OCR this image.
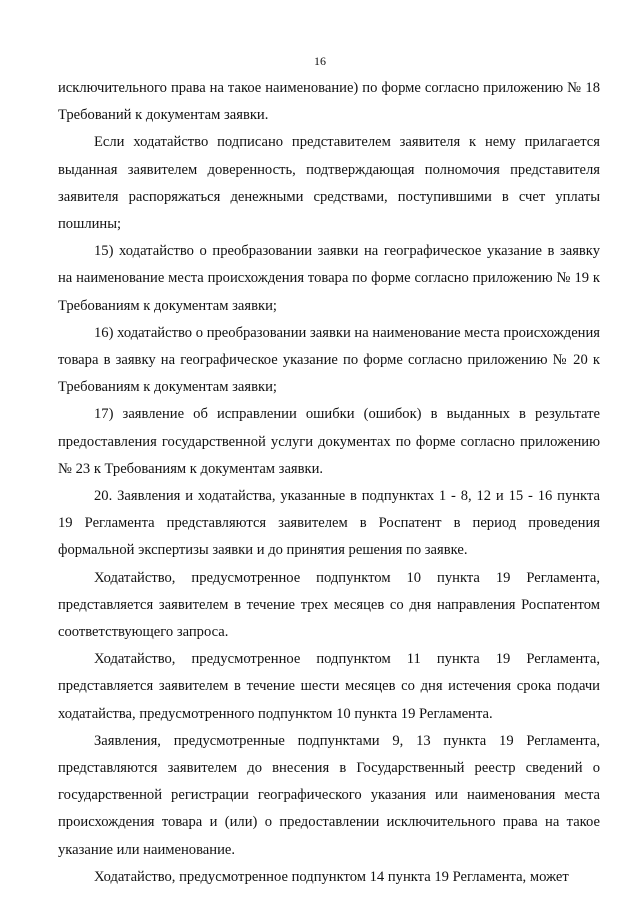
16

исключительного права на такое наименование) по форме согласно приложению № 18 Требований к документам заявки.

Если ходатайство подписано представителем заявителя к нему прилагается выданная заявителем доверенность, подтверждающая полномочия представителя заявителя распоряжаться денежными средствами, поступившими в счет уплаты пошлины;

15) ходатайство о преобразовании заявки на географическое указание в заявку на наименование места происхождения товара по форме согласно приложению № 19 к Требованиям к документам заявки;

16) ходатайство о преобразовании заявки на наименование места происхождения товара в заявку на географическое указание по форме согласно приложению № 20 к Требованиям к документам заявки;

17) заявление об исправлении ошибки (ошибок) в выданных в результате предоставления государственной услуги документах по форме согласно приложению № 23 к Требованиям к документам заявки.

20. Заявления и ходатайства, указанные в подпунктах 1 - 8, 12 и 15 - 16 пункта 19 Регламента представляются заявителем в Роспатент в период проведения формальной экспертизы заявки и до принятия решения по заявке.

Ходатайство, предусмотренное подпунктом 10 пункта 19 Регламента, представляется заявителем в течение трех месяцев со дня направления Роспатентом соответствующего запроса.

Ходатайство, предусмотренное подпунктом 11 пункта 19 Регламента, представляется заявителем в течение шести месяцев со дня истечения срока подачи ходатайства, предусмотренного подпунктом 10 пункта 19 Регламента.

Заявления, предусмотренные подпунктами 9, 13 пункта 19 Регламента, представляются заявителем до внесения в Государственный реестр сведений о государственной регистрации географического указания или наименования места происхождения товара и (или) о предоставлении исключительного права на такое указание или наименование.

Ходатайство, предусмотренное подпунктом 14 пункта 19 Регламента, может
